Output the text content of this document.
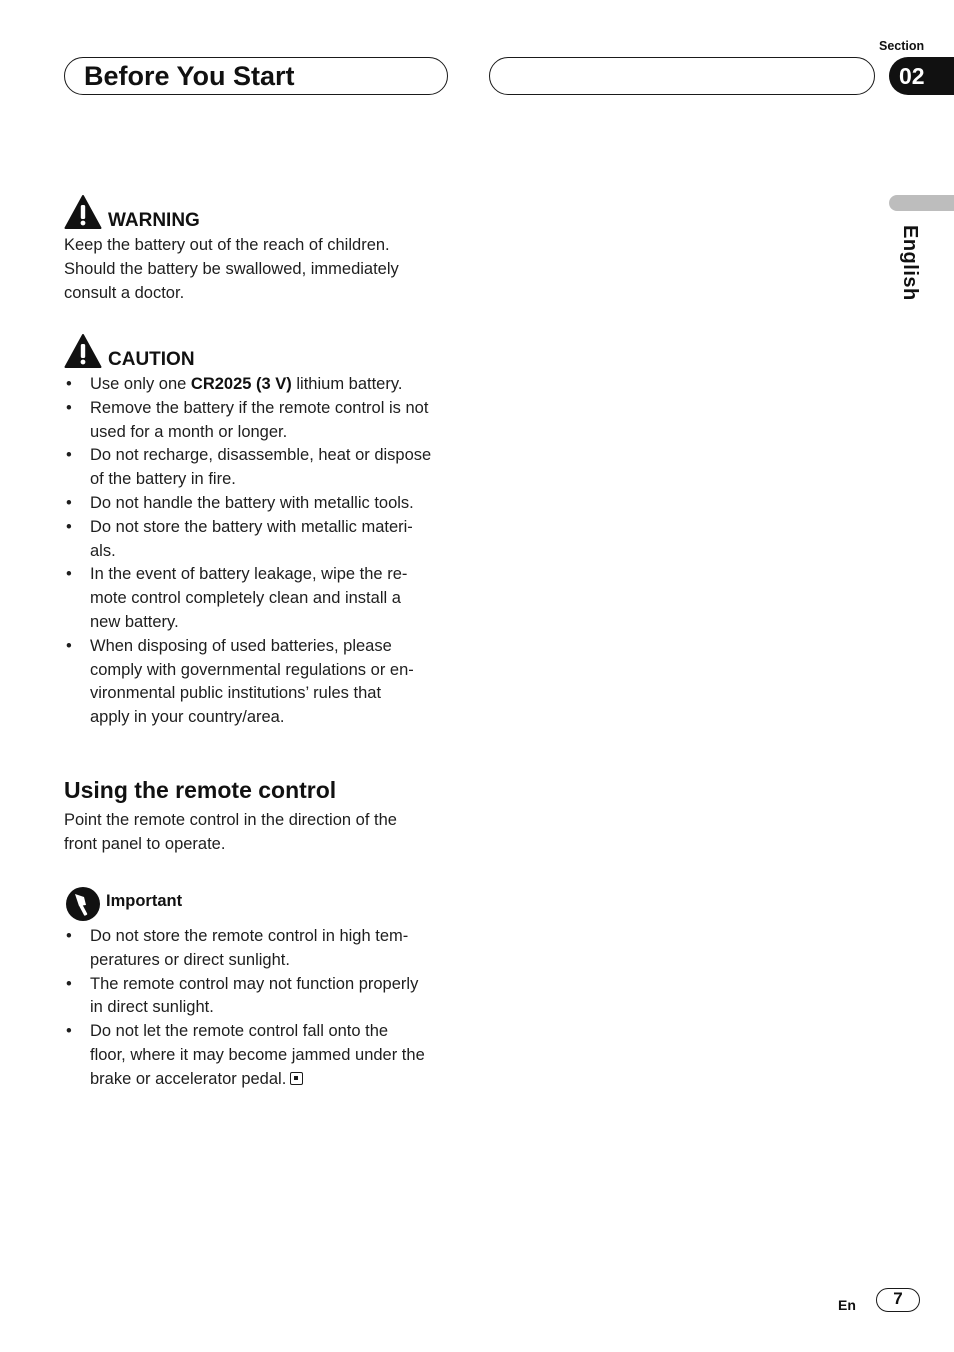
Before You Start
Section
02
English
WARNING
Keep the battery out of the reach of children.
Should the battery be swallowed, immediately
consult a doctor.
CAUTION
• Use only one CR2025 (3 V) lithium battery.
• Remove the battery if the remote control is not
used for a month or longer.
• Do not recharge, disassemble, heat or dispose
of the battery in fire.
• Do not handle the battery with metallic tools.
• Do not store the battery with metallic materi-
als.
• In the event of battery leakage, wipe the re-
mote control completely clean and install a
new battery.
• When disposing of used batteries, please
comply with governmental regulations or en-
vironmental public institutions’ rules that
apply in your country/area.
Using the remote control
Point the remote control in the direction of the
front panel to operate.
Important
• Do not store the remote control in high tem-
peratures or direct sunlight.
• The remote control may not function properly
in direct sunlight.
• Do not let the remote control fall onto the
floor, where it may become jammed under the
brake or accelerator pedal.
En	7
